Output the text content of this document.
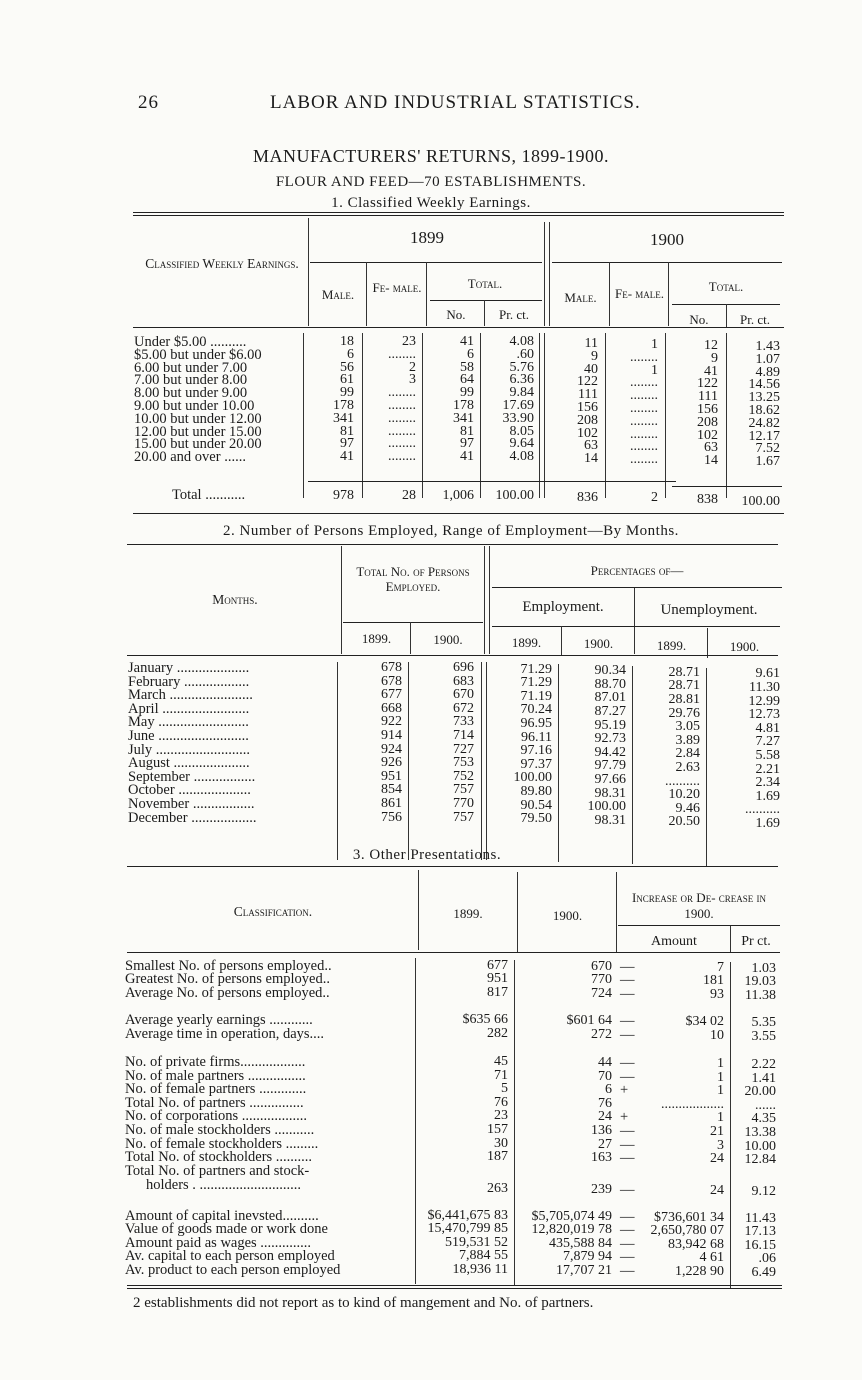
26	LABOR AND INDUSTRIAL STATISTICS.
MANUFACTURERS' RETURNS, 1899-1900.
FLOUR AND FEED—70 ESTABLISHMENTS.
1. Classified Weekly Earnings.
Classified Weekly Earnings.
1899	1900
Male.	Fe- male.	Total.
No.	Pr. ct.
Male.	Fe- male.	Total.
No.	Pr. ct.
Under $5.00 ..........	18	23	41	4.08	11	1	12	1.43
$5.00 but under $6.00	6	........	6	.60	9	........	9	1.07
6.00 but under 7.00	56	2	58	5.76	40	1	41	4.89
7.00 but under 8.00	61	3	64	6.36	122	........	122	14.56
8.00 but under 9.00	99	........	99	9.84	111	........	111	13.25
9.00 but under 10.00	178	........	178	17.69	156	........	156	18.62
10.00 but under 12.00	341	........	341	33.90	208	........	208	24.82
12.00 but under 15.00	81	........	81	8.05	102	........	102	12.17
15.00 but under 20.00	97	........	97	9.64	63	........	63	7.52
20.00 and over ......	41	........	41	4.08	14	........	14	1.67
Total ...........	978	28	1,006	100.00	836	2	838	100.00
2. Number of Persons Employed, Range of Employment—By Months.
Months.
Total No. of Persons Employed.
Percentages of—
Employment.	Unemployment.
1899.	1900.	1899.	1900.	1899.	1900.
January ....................	678	696	71.29	90.34	28.71	9.61
February ..................	678	683	71.29	88.70	28.71	11.30
March .......................	677	670	71.19	87.01	28.81	12.99
April ........................	668	672	70.24	87.27	29.76	12.73
May .........................	922	733	96.95	95.19	3.05	4.81
June .........................	914	714	96.11	92.73	3.89	7.27
July ..........................	924	727	97.16	94.42	2.84	5.58
August .....................	926	753	97.37	97.79	2.63	2.21
September .................	951	752	100.00	97.66	..........	2.34
October ....................	854	757	89.80	98.31	10.20	1.69
November .................	861	770	90.54	100.00	9.46	..........
December ..................	756	757	79.50	98.31	20.50	1.69
3. Other Presentations.
Classification.	1899.	1900.
Increase or De- crease in 1900.
Amount	Pr ct.
Smallest No. of persons employed..	677	670 —	7	1.03
Greatest No. of persons employed..	951	770 —	181	19.03
Average No. of persons employed..	817	724 —	93	11.38
Average yearly earnings ............	$635 66	$601 64 —	$34 02	5.35
Average time in operation, days....	282	272 —	10	3.55
No. of private firms..................	45	44 —	1	2.22
No. of male partners ................	71	70 —	1	1.41
No. of female partners .............	5	6 +	1	20.00
Total No. of partners ...............	76	76	..................	......
No. of corporations ..................	23	24 +	1	4.35
No. of male stockholders ...........	157	136 —	21	13.38
No. of female stockholders .........	30	27 —	3	10.00
Total No. of stockholders ..........	187	163 —	24	12.84
Total No. of partners and stock-
holders . ............................	263	239 —	24	9.12
Amount of capital inevsted..........	$6,441,675 83	$5,705,074 49 —	$736,601 34	11.43
Value of goods made or work done	15,470,799 85	12,820,019 78 —	2,650,780 07	17.13
Amount paid as wages ..............	519,531 52	435,588 84 —	83,942 68	16.15
Av. capital to each person employed	7,884 55	7,879 94 —	4 61	.06
Av. product to each person employed	18,936 11	17,707 21 —	1,228 90	6.49
2 establishments did not report as to kind of mangement and No. of partners.
